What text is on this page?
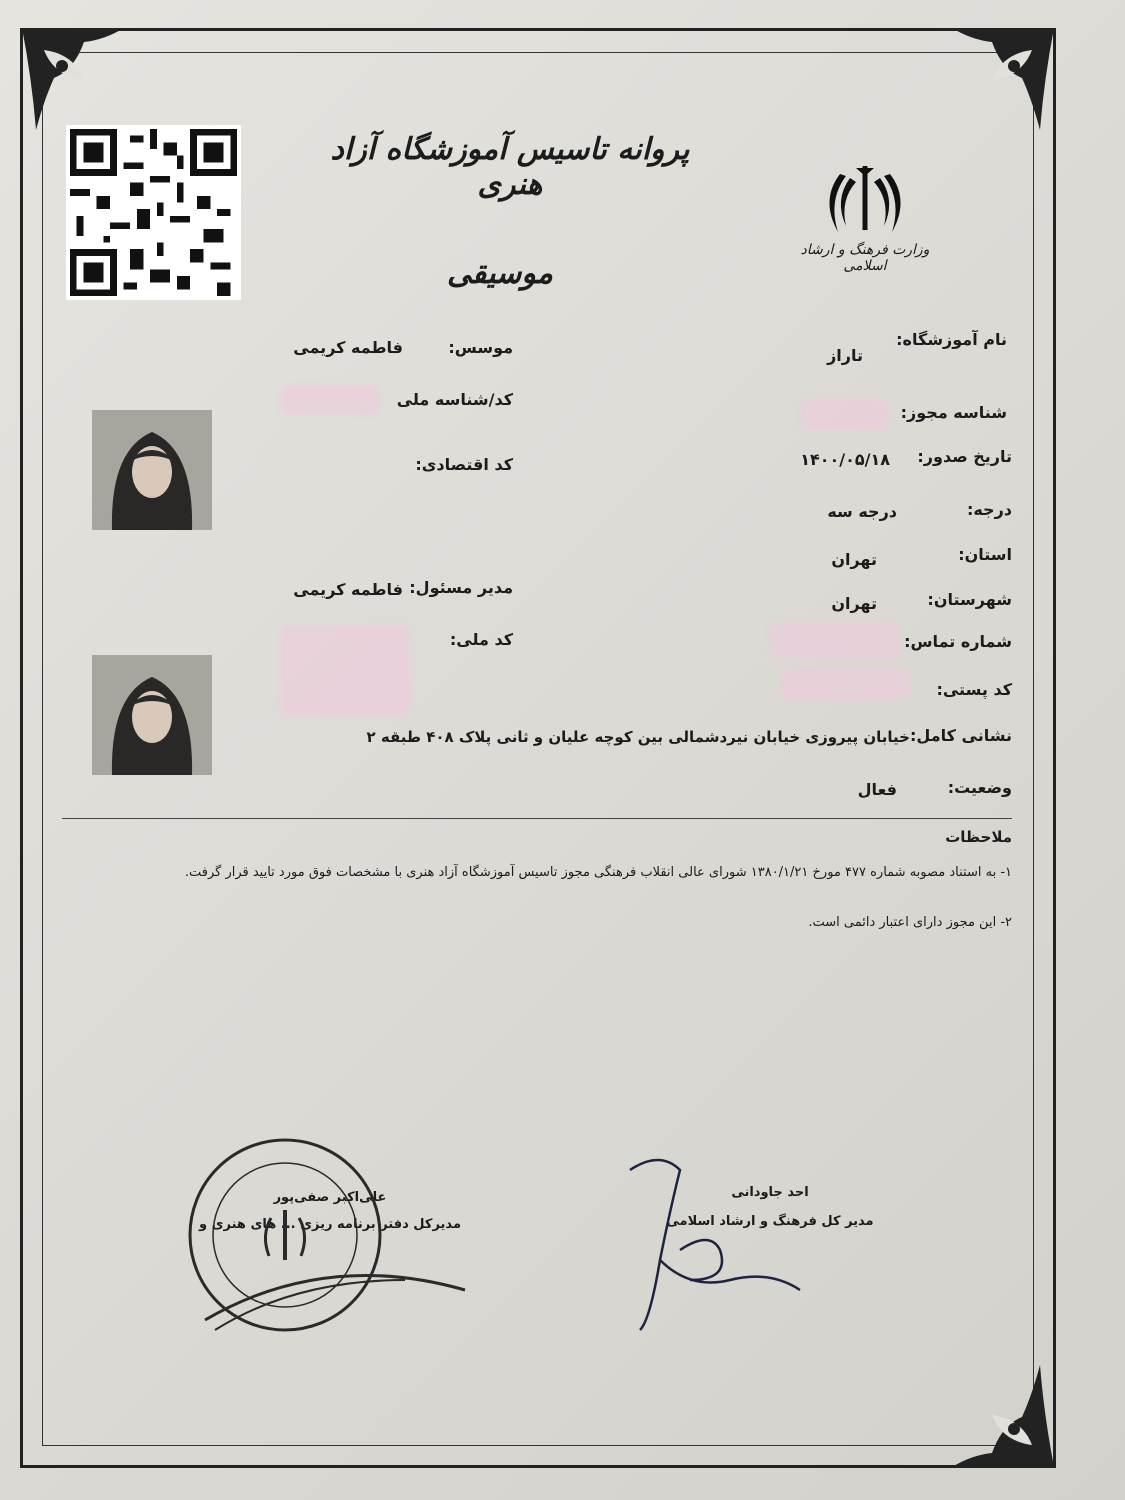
وزارت فرهنگ و ارشاد اسلامی
پروانه تاسیس آموزشگاه آزاد هنری
موسیقی
نام آموزشگاه:
تاراز
شناسه مجوز:
تاریخ صدور:
۱۴۰۰/۰۵/۱۸
درجه:
درجه سه
استان:
تهران
شهرستان:
تهران
شماره تماس:
کد پستی:
نشانی کامل:
خیابان پیروزی خیابان نیردشمالی بین کوچه علیان و ثانی پلاک ۴۰۸ طبقه ۲
وضعیت:
فعال
موسس:
فاطمه کریمی
کد/شناسه ملی
کد اقتصادی:
مدیر مسئول:
فاطمه کریمی
کد ملی:
ملاحظات
۱- به استناد مصوبه شماره ۴۷۷ مورخ ۱۳۸۰/۱/۲۱ شورای عالی انقلاب فرهنگی مجوز تاسیس آموزشگاه آزاد هنری با مشخصات فوق مورد تایید قرار گرفت.
۲- این مجوز دارای اعتبار دائمی است.
احد جاودانی
مدیر کل فرهنگ و ارشاد اسلامی
علی‌اکبر صفی‌پور
مدیرکل دفتر برنامه ریزی ... های هنری و
